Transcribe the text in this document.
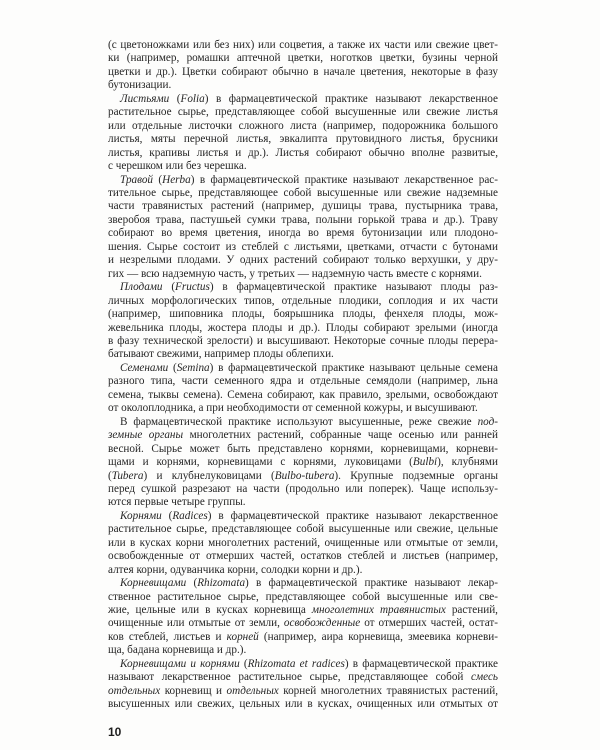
(с цветоножками или без них) или соцветия, а также их части или свежие цвет-
ки (например, ромашки аптечной цветки, ноготков цветки, бузины черной
цветки и др.). Цветки собирают обычно в начале цветения, некоторые в фазу
бутонизации.
Листьями (Folia) в фармацевтической практике называют лекарственное
растительное сырье, представляющее собой высушенные или свежие листья
или отдельные листочки сложного листа (например, подорожника большого
листья, мяты перечной листья, эвкалипта прутовидного листья, брусники
листья, крапивы листья и др.). Листья собирают обычно вполне развитые,
с черешком или без черешка.
Травой (Herba) в фармацевтической практике называют лекарственное рас-
тительное сырье, представляющее собой высушенные или свежие надземные
части травянистых растений (например, душицы трава, пустырника трава,
зверобоя трава, пастушьей сумки трава, полыни горькой трава и др.). Траву
собирают во время цветения, иногда во время бутонизации или плодоно-
шения. Сырье состоит из стеблей с листьями, цветками, отчасти с бутонами
и незрелыми плодами. У одних растений собирают только верхушки, у дру-
гих — всю надземную часть, у третьих — надземную часть вместе с корнями.
Плодами (Fructus) в фармацевтической практике называют плоды раз-
личных морфологических типов, отдельные плодики, соплодия и их части
(например, шиповника плоды, боярышника плоды, фенхеля плоды, мож-
жевельника плоды, жостера плоды и др.). Плоды собирают зрелыми (иногда
в фазу технической зрелости) и высушивают. Некоторые сочные плоды перера-
батывают свежими, например плоды облепихи.
Семенами (Semina) в фармацевтической практике называют цельные семена
разного типа, части семенного ядра и отдельные семядоли (например, льна
семена, тыквы семена). Семена собирают, как правило, зрелыми, освобождают
от околоплодника, а при необходимости от семенной кожуры, и высушивают.
В фармацевтической практике используют высушенные, реже свежие под-
земные органы многолетних растений, собранные чаще осенью или ранней
весной. Сырье может быть представлено корнями, корневищами, корневи-
щами и корнями, корневищами с корнями, луковицами (Bulbi), клубнями
(Tubera) и клубнелуковицами (Bulbo-tubera). Крупные подземные органы
перед сушкой разрезают на части (продольно или поперек). Чаще использу-
ются первые четыре группы.
Корнями (Radices) в фармацевтической практике называют лекарственное
растительное сырье, представляющее собой высушенные или свежие, цельные
или в кусках корни многолетних растений, очищенные или отмытые от земли,
освобожденные от отмерших частей, остатков стеблей и листьев (например,
алтея корни, одуванчика корни, солодки корни и др.).
Корневищами (Rhizomata) в фармацевтической практике называют лекар-
ственное растительное сырье, представляющее собой высушенные или све-
жие, цельные или в кусках корневища многолетних травянистых растений,
очищенные или отмытые от земли, освобожденные от отмерших частей, остат-
ков стеблей, листьев и корней (например, аира корневища, змеевика корневи-
ща, бадана корневища и др.).
Корневищами и корнями (Rhizomata et radices) в фармацевтической практике
называют лекарственное растительное сырье, представляющее собой смесь
отдельных корневищ и отдельных корней многолетних травянистых растений,
высушенных или свежих, цельных или в кусках, очищенных или отмытых от
10
